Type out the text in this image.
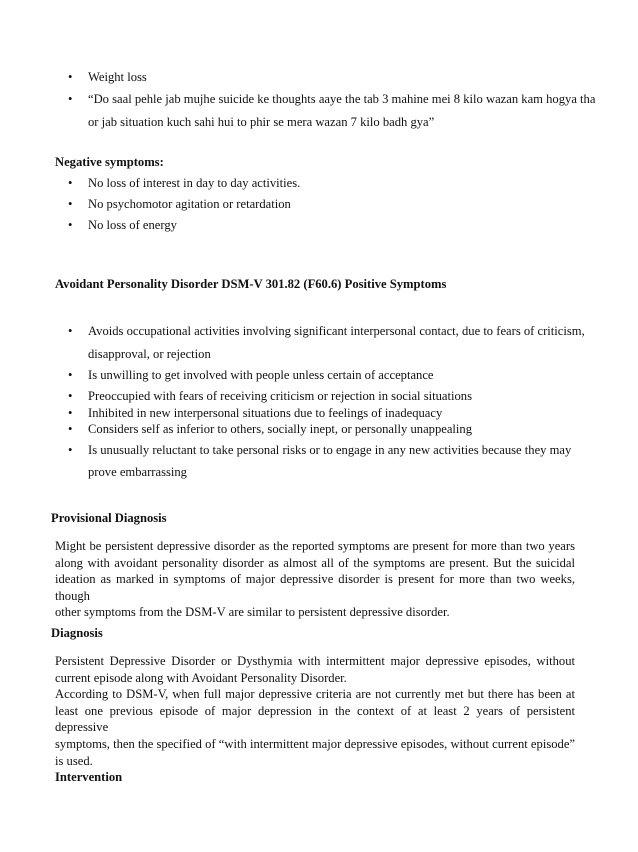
• Weight loss
• “Do saal pehle jab mujhe suicide ke thoughts aaye the tab 3 mahine mei 8 kilo wazan kam hogya tha
or jab situation kuch sahi hui to phir se mera wazan 7 kilo badh gya”
Negative symptoms:
• No loss of interest in day to day activities.
• No psychomotor agitation or retardation
• No loss of energy
Avoidant Personality Disorder DSM-V 301.82 (F60.6) Positive Symptoms
• Avoids occupational activities involving significant interpersonal contact, due to fears of criticism,
disapproval, or rejection
• Is unwilling to get involved with people unless certain of acceptance
• Preoccupied with fears of receiving criticism or rejection in social situations
• Inhibited in new interpersonal situations due to feelings of inadequacy
• Considers self as inferior to others, socially inept, or personally unappealing
• Is unusually reluctant to take personal risks or to engage in any new activities because they may
prove embarrassing
Provisional Diagnosis
Might be persistent depressive disorder as the reported symptoms are present for more than two years
along with avoidant personality disorder as almost all of the symptoms are present. But the suicidal
ideation as marked in symptoms of major depressive disorder is present for more than two weeks, though
other symptoms from the DSM-V are similar to persistent depressive disorder.
Diagnosis
Persistent Depressive Disorder or Dysthymia with intermittent major depressive episodes, without
current episode along with Avoidant Personality Disorder.
According to DSM-V, when full major depressive criteria are not currently met but there has been at
least one previous episode of major depression in the context of at least 2 years of persistent depressive
symptoms, then the specified of “with intermittent major depressive episodes, without current episode”
is used.
Intervention
